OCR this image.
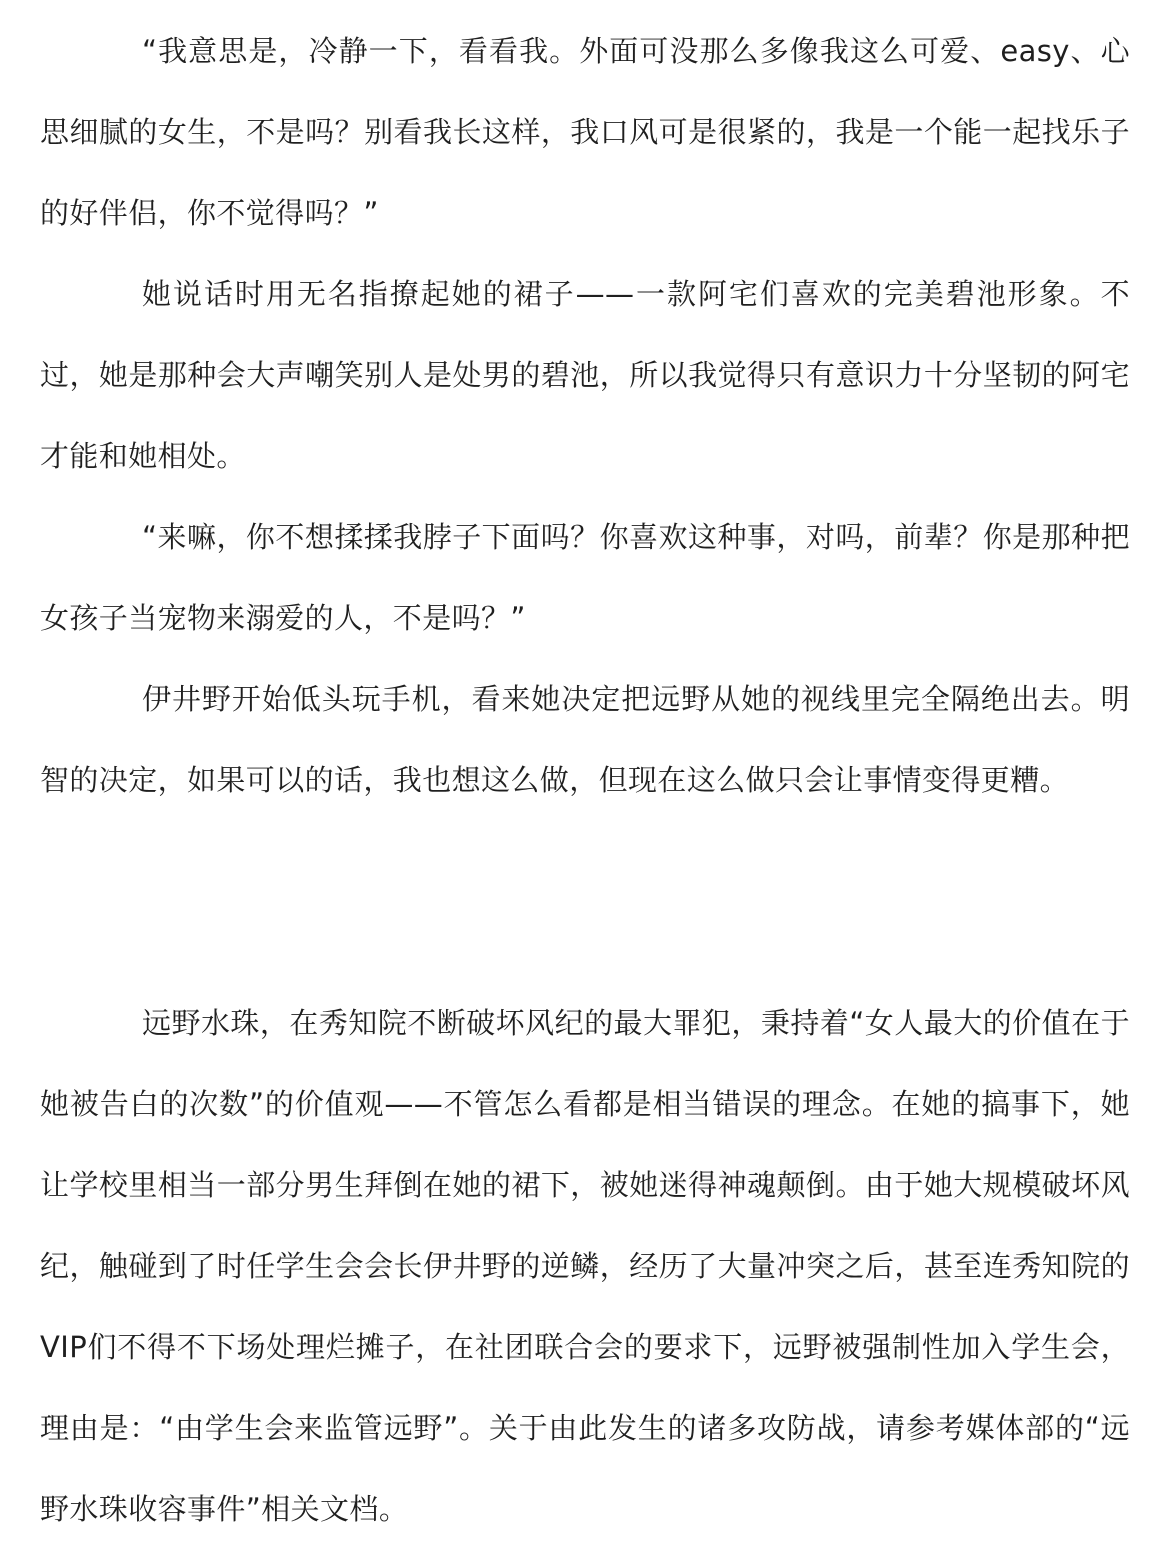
“我意思是，冷静一下，看看我。外面可没那么多像我这么可爱、easy、心思细腻的女生，不是吗？别看我长这样，我口风可是很紧的，我是一个能一起找乐子的好伴侣，你不觉得吗？”

她说话时用无名指撩起她的裙子——一款阿宅们喜欢的完美碧池形象。不过，她是那种会大声嘲笑别人是处男的碧池，所以我觉得只有意识力十分坚韧的阿宅才能和她相处。

“来嘛，你不想揉揉我脖子下面吗？你喜欢这种事，对吗，前辈？你是那种把女孩子当宠物来溺爱的人，不是吗？”

伊井野开始低头玩手机，看来她决定把远野从她的视线里完全隔绝出去。明智的决定，如果可以的话，我也想这么做，但现在这么做只会让事情变得更糟。

远野水珠，在秀知院不断破坏风纪的最大罪犯，秉持着“女人最大的价值在于她被告白的次数”的价值观——不管怎么看都是相当错误的理念。在她的搞事下，她让学校里相当一部分男生拜倒在她的裙下，被她迷得神魂颠倒。由于她大规模破坏风纪，触碰到了时任学生会会长伊井野的逆鳞，经历了大量冲突之后，甚至连秀知院的VIP们不得不下场处理烂摊子，在社团联合会的要求下，远野被强制性加入学生会，理由是：“由学生会来监管远野”。关于由此发生的诸多攻防战，请参考媒体部的“远野水珠收容事件”相关文档。
